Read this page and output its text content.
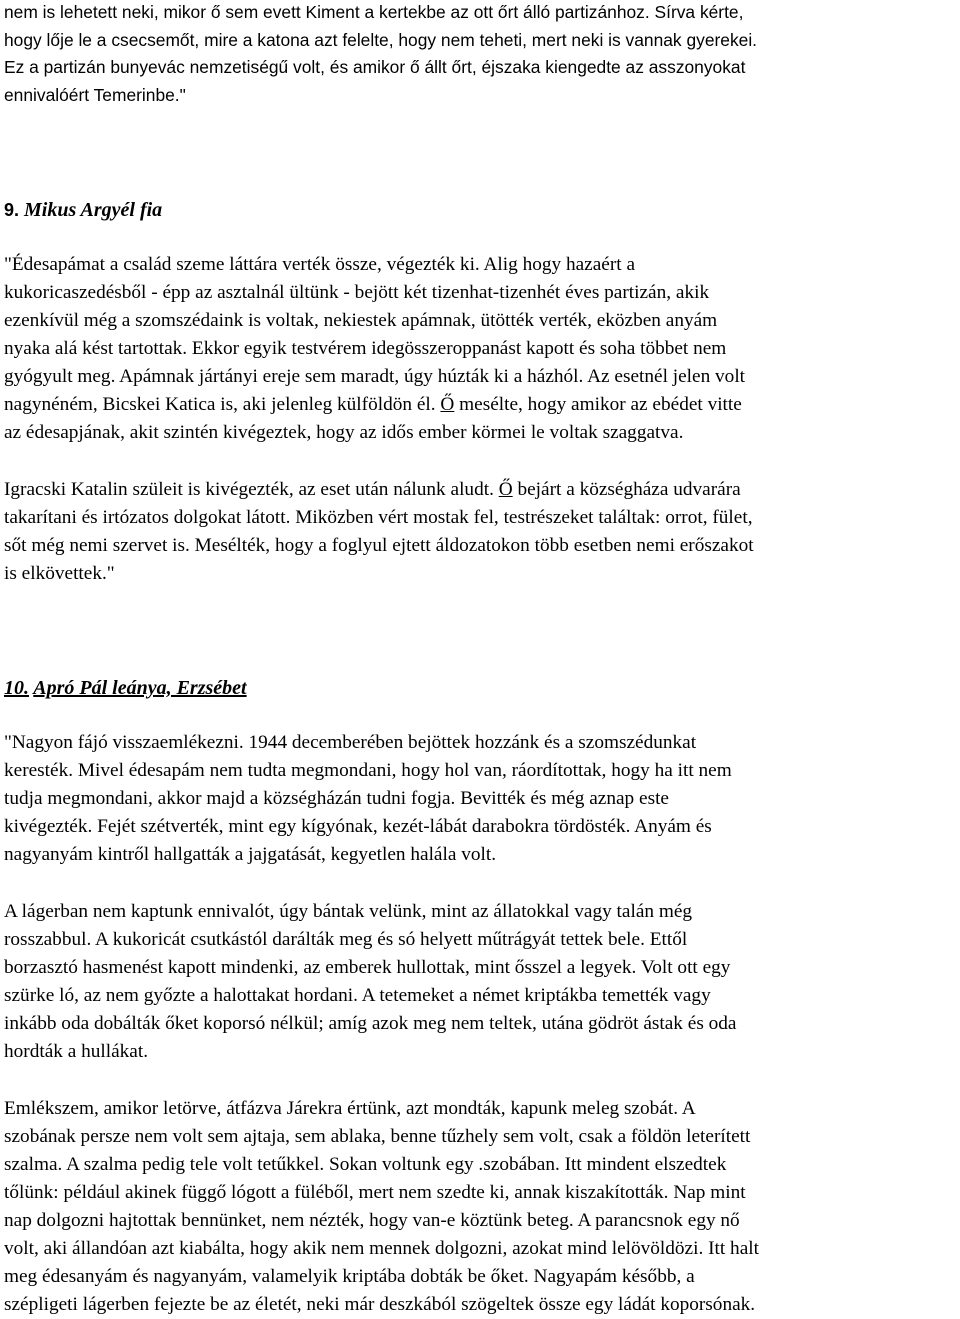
nem is lehetett neki, mikor ő sem evett Kiment a kertekbe az ott őrt álló partizánhoz. Sírva kérte,
hogy lője le a csecsemőt, mire a katona azt felelte, hogy nem teheti, mert neki is vannak gyerekei.
Ez a partizán bunyevác nemzetiségű volt, és amikor ő állt őrt, éjszaka kiengedte az asszonyokat
ennivalóért Temerinbe."

9. Mikus Argyél fia

"Édesapámat a család szeme láttára verték össze, végezték ki. Alig hogy hazaért a
kukoricaszedésből - épp az asztalnál ültünk - bejött két tizenhat-tizenhét éves partizán, akik
ezenkívül még a szomszédaink is voltak, nekiestek apámnak, ütötték verték, eközben anyám
nyaka alá kést tartottak. Ekkor egyik testvérem idegösszeroppanást kapott és soha többet nem
gyógyult meg. Apámnak jártányi ereje sem maradt, úgy húzták ki a házhól. Az esetnél jelen volt
nagynéném, Bicskei Katica is, aki jelenleg külföldön él. Ő mesélte, hogy amikor az ebédet vitte
az édesapjának, akit szintén kivégeztek, hogy az idős ember körmei le voltak szaggatva.

Igracski Katalin szüleit is kivégezték, az eset után nálunk aludt. Ő bejárt a községháza udvarára
takarítani és irtózatos dolgokat látott. Miközben vért mostak fel, testrészeket találtak: orrot, fület,
sőt még nemi szervet is. Mesélték, hogy a foglyul ejtett áldozatokon több esetben nemi erőszakot
is elkövettek."

10. Apró Pál leánya, Erzsébet

"Nagyon fájó visszaemlékezni. 1944 decemberében bejöttek hozzánk és a szomszédunkat
keresték. Mivel édesapám nem tudta megmondani, hogy hol van, ráordítottak, hogy ha itt nem
tudja megmondani, akkor majd a községházán tudni fogja. Bevitték és még aznap este
kivégezték. Fejét szétverték, mint egy kígyónak, kezét-lábát darabokra tördösték. Anyám és
nagyanyám kintről hallgatták a jajgatását, kegyetlen halála volt.

A lágerban nem kaptunk ennivalót, úgy bántak velünk, mint az állatokkal vagy talán még
rosszabbul. A kukoricát csutkástól darálták meg és só helyett műtrágyát tettek bele. Ettől
borzasztó hasmenést kapott mindenki, az emberek hullottak, mint ősszel a legyek. Volt ott egy
szürke ló, az nem győzte a halottakat hordani. A tetemeket a német kriptákba temették vagy
inkább oda dobálták őket koporsó nélkül; amíg azok meg nem teltek, utána gödröt ástak és oda
hordták a hullákat.

Emlékszem, amikor letörve, átfázva Járekra értünk, azt mondták, kapunk meleg szobát. A
szobának persze nem volt sem ajtaja, sem ablaka, benne tűzhely sem volt, csak a földön leterített
szalma. A szalma pedig tele volt tetűkkel. Sokan voltunk egy .szobában. Itt mindent elszedtek
tőlünk: például akinek függő lógott a füléből, mert nem szedte ki, annak kiszakították. Nap mint
nap dolgozni hajtottak bennünket, nem nézték, hogy van-e köztünk beteg. A parancsnok egy nő
volt, aki állandóan azt kiabálta, hogy akik nem mennek dolgozni, azokat mind lelövöldözi. Itt halt
meg édesanyám és nagyanyám, valamelyik kriptába dobták be őket. Nagyapám később, a
szépligeti lágerben fejezte be az életét, neki már deszkából szögeltek össze egy ládát koporsónak.
